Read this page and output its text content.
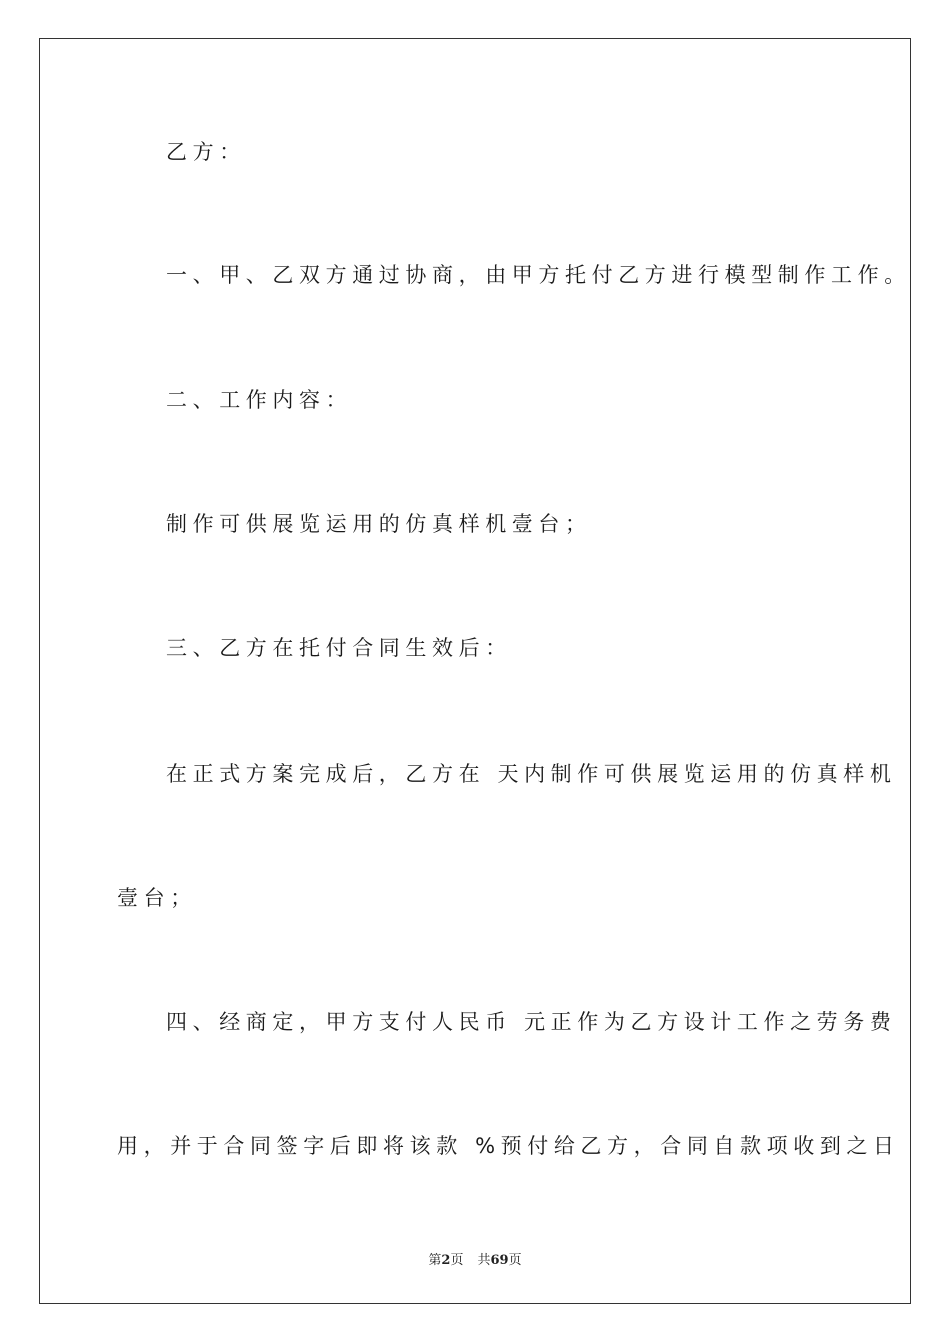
乙方：
一、甲、乙双方通过协商，由甲方托付乙方进行模型制作工作。
二、工作内容：
制作可供展览运用的仿真样机壹台；
三、乙方在托付合同生效后：
在正式方案完成后，乙方在 天内制作可供展览运用的仿真样机
壹台；
四、经商定，甲方支付人民币 元正作为乙方设计工作之劳务费
用，并于合同签字后即将该款 %预付给乙方，合同自款项收到之日
第2页 共69页
